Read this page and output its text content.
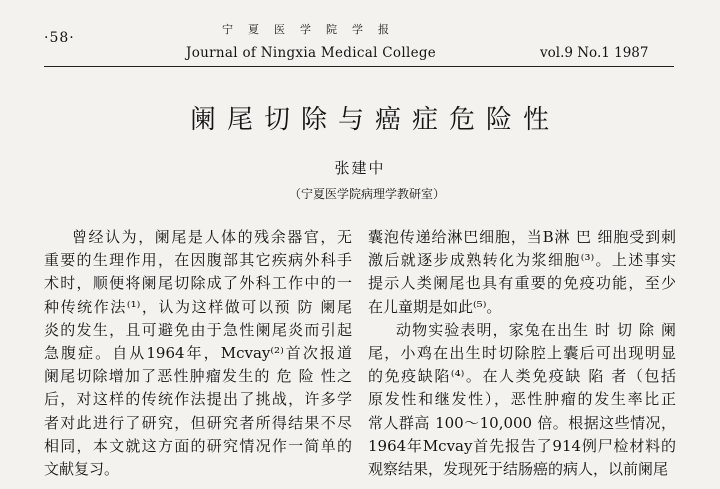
·58·
宁夏医学院学报
Journal of Ningxia Medical College	vol.9 No.1 1987
阑尾切除与癌症危险性
张建中
（宁夏医学院病理学教研室）
曾经认为，阑尾是人体的残余器官，无
重要的生理作用，在因腹部其它疾病外科手
术时，顺便将阑尾切除成了外科工作中的一
种传统作法⁽¹⁾，认为这样做可以预 防 阑尾
炎的发生，且可避免由于急性阑尾炎而引起
急腹症。自从1964年，Mcvay⁽²⁾首次报道
阑尾切除增加了恶性肿瘤发生的 危 险 性之
后，对这样的传统作法提出了挑战，许多学
者对此进行了研究，但研究者所得结果不尽
相同，本文就这方面的研究情况作一简单的
文献复习。
囊泡传递给淋巴细胞，当B淋 巴 细胞受到刺
激后就逐步成熟转化为浆细胞⁽³⁾。上述事实
提示人类阑尾也具有重要的免疫功能，至少
在儿童期是如此⁽⁵⁾。
动物实验表明，家兔在出生 时 切 除 阑
尾，小鸡在出生时切除腔上囊后可出现明显
的免疫缺陷⁽⁴⁾。在人类免疫缺 陷 者（包括
原发性和继发性），恶性肿瘤的发生率比正
常人群高 100～10,000 倍。根据这些情况，
1964年Mcvay首先报告了914例尸检材料的
观察结果，发现死于结肠癌的病人，以前阑尾
